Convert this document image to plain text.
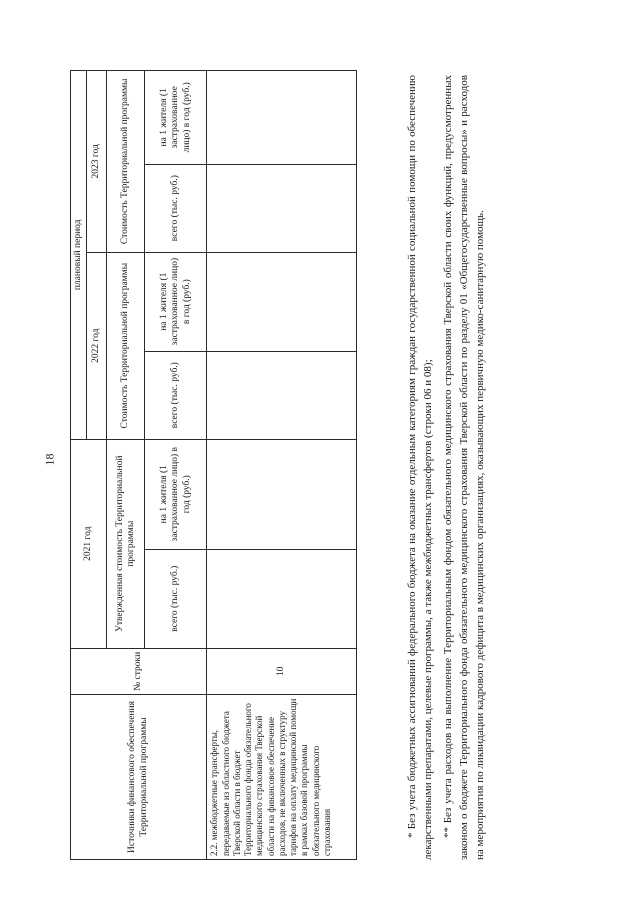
18
Источники финансового обеспечения Территориальной программы	№ строки	2021 год		плановый период			
				2022 год		2023 год	
		Утвержденная стоимость Территориальной программы		Стоимость Территориальной программы		Стоимость Территориальной программы	
		всего (тыс. руб.)	на 1 жителя (1 застрахованное лицо) в год (руб.)	всего (тыс. руб.)	на 1 жителя (1 застрахованное лицо) в год (руб.)	всего (тыс. руб.)	на 1 жителя (1 застрахованное лицо) в год (руб.)
2.2. межбюджетные трансферты, передаваемые из областного бюджета Тверской области в бюджет Территориального фонда обязательного медицинского страхования Тверской области на финансовое обеспечение расходов, не включенных в структуру тарифов на оплату медицинской помощи в рамках базовой программы обязательного медицинского страхования	10							* Без учета бюджетных ассигнований федерального бюджета на оказание отдельным категориям граждан государственной социальной помощи по обеспечению лекарственными препаратами, целевые программы, а также межбюджетных трансфертов (строки 06 и 08); ** Без учета расходов на выполнение Территориальным фондом обязательного медицинского страхования Тверской области своих функций, предусмотренных законом о бюджете Территориального фонда обязательного медицинского страхования Тверской области по разделу 01 «Общегосударственные вопросы» и расходов на мероприятия по ликвидации кадрового дефицита в медицинских организациях, оказывающих первичную медико-санитарную помощь.
